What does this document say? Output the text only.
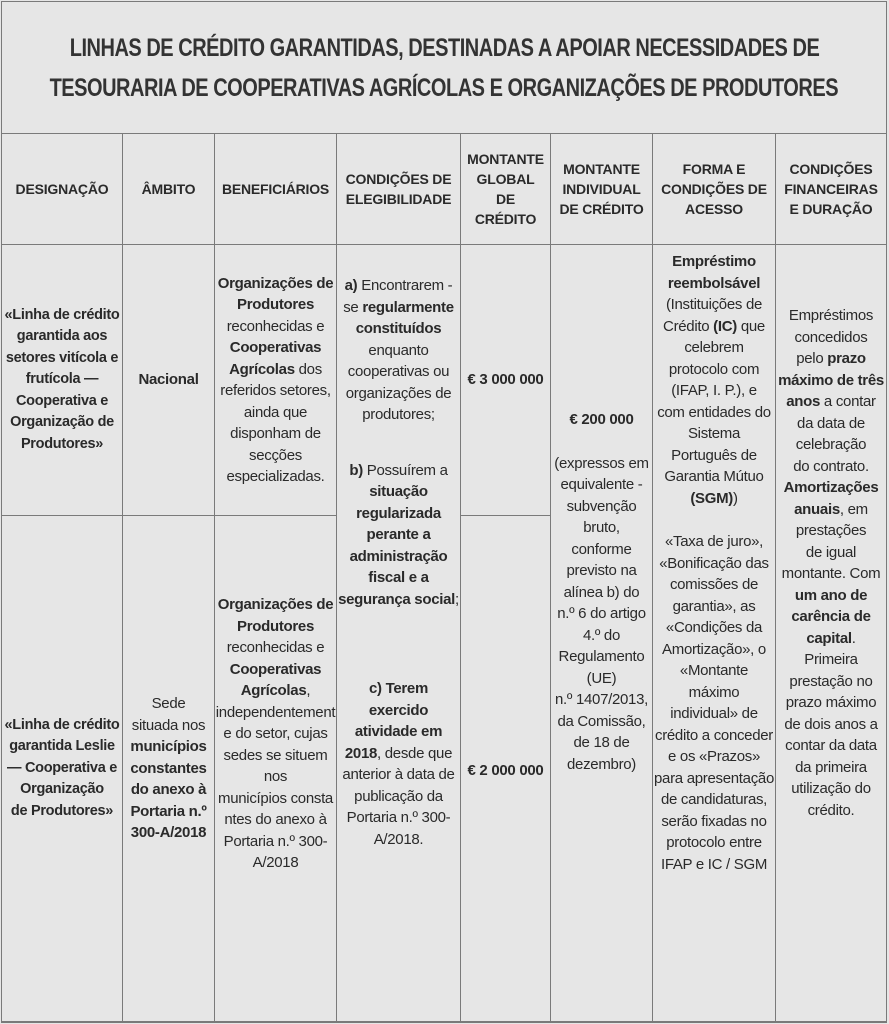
LINHAS DE CRÉDITO GARANTIDAS, DESTINADAS A APOIAR NECESSIDADES DE
TESOURARIA DE COOPERATIVAS AGRÍCOLAS E ORGANIZAÇÕES DE PRODUTORES
DESIGNAÇÃO ÂMBITO BENEFICIÁRIOS
CONDIÇÕES DE
ELEGIBILIDADE
MONTANTE
GLOBAL
DE
CRÉDITO
MONTANTE
INDIVIDUAL
DE CRÉDITO
FORMA E
CONDIÇÕES DE
ACESSO
CONDIÇÕES
FINANCEIRAS
E DURAÇÃO
«Linha de crédito
garantida aos
setores vitícola e
frutícola —
Cooperativa e
Organização de
Produtores»
Nacional
Organizações de
Produtores
reconhecidas e
Cooperativas
Agrícolas dos
referidos setores,
ainda que
disponham de
secções
especializadas.
€ 3 000 000
«Linha de crédito
garantida Leslie
— Cooperativa e
Organização
de Produtores»
Sede
situada nos
municípios
constantes
do anexo à
Portaria n.º
300-A/2018
Organizações de
Produtores
reconhecidas e
Cooperativas
Agrícolas,
independentement
e do setor, cujas
sedes se situem
nos
municípios consta
ntes do anexo à
Portaria n.º 300-
A/2018
€ 2 000 000
a) Encontrarem -
se regularmente
constituídos
enquanto
cooperativas ou
organizações de
produtores;
b) Possuírem a
situação
regularizada
perante a
administração
fiscal e a
segurança social;
c) Terem
exercido
atividade em
2018, desde que
anterior à data de
publicação da
Portaria n.º 300-
A/2018.
€ 200 000
(expressos em
equivalente -
subvenção
bruto,
conforme
previsto na
alínea b) do
n.º 6 do artigo
4.º do
Regulamento
(UE)
n.º 1407/2013,
da Comissão,
de 18 de
dezembro)
Empréstimo
reembolsável
(Instituições de
Crédito (IC) que
celebrem
protocolo com
(IFAP, I. P.), e
com entidades do
Sistema
Português de
Garantia Mútuo
(SGM))
«Taxa de juro»,
«Bonificação das
comissões de
garantia», as
«Condições da
Amortização», o
«Montante
máximo
individual» de
crédito a conceder
e os «Prazos»
para apresentação
de candidaturas,
serão fixadas no
protocolo entre
IFAP e IC / SGM
Empréstimos
concedidos
pelo prazo
máximo de três
anos a contar
da data de
celebração
do contrato.
Amortizações
anuais, em
prestações
de igual
montante. Com
um ano de
carência de
capital.
Primeira
prestação no
prazo máximo
de dois anos a
contar da data
da primeira
utilização do
crédito.
